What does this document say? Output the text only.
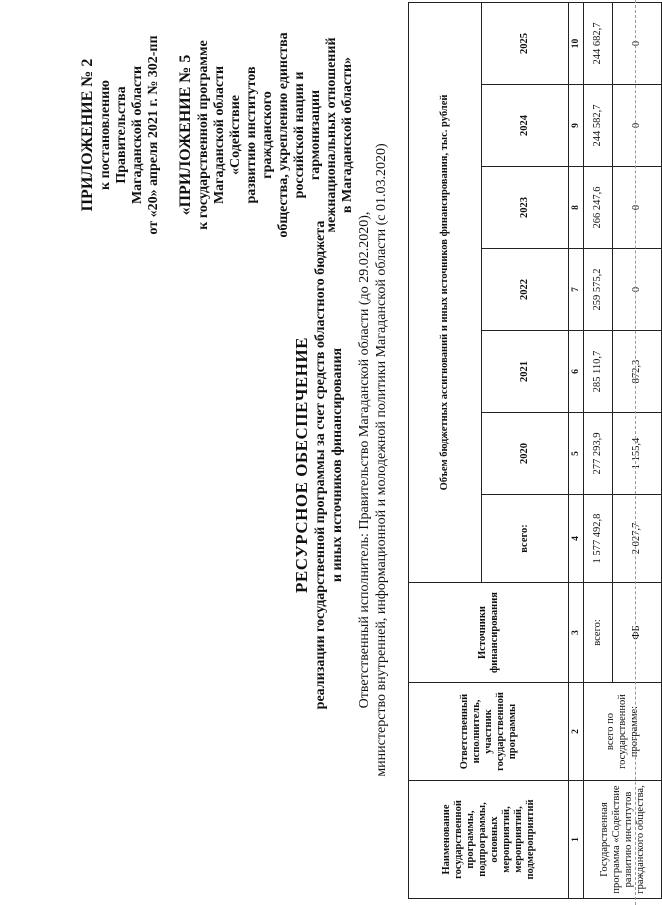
ПРИЛОЖЕНИЕ № 2 к постановлению Правительства Магаданской области от «20» апреля 2021 г. № 302-пп «ПРИЛОЖЕНИЕ № 5 к государственной программе Магаданской области «Содействие развитию институтов гражданского общества, укреплению единства российской нации и гармонизации межнациональных отношений в Магаданской области»
РЕСУРСНОЕ ОБЕСПЕЧЕНИЕ реализации государственной программы за счет средств областного бюджета и иных источников финансирования Ответственный исполнитель: Правительство Магаданской области (до 29.02.2020), министерство внутренней, информационной и молодежной политики Магаданской области (с 01.03.2020)
Наименование государственной программы, подпрограммы, основных мероприятий, мероприятий, подмероприятий	Ответственный исполнитель, участник государственной программы	Источники финансирования	Объем бюджетных ассигнований и иных источников финансирования, тыс. рублей						
			всего:	2020	2021	2022	2023	2024	2025
1	2	3	4	5	6	7	8	9	10
Государственная программа «Содействие развитию институтов гражданского общества,	всего по государственной программе:	всего:	1 577 492,8	277 293,9	285 110,7	259 575,2	266 247,6	244 582,7	244 682,7
		ФБ	2 027,7	1 155,4	872,3	0	0	0	0
